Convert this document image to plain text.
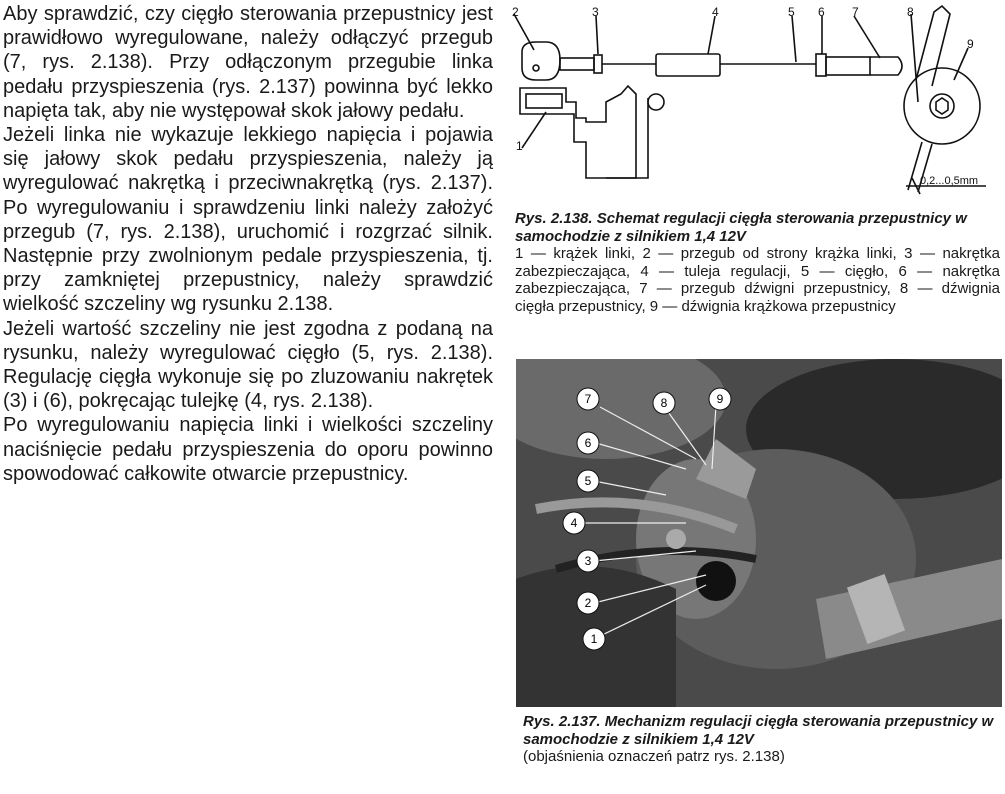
Aby sprawdzić, czy cięgło sterowania przepustnicy jest prawidłowo wyregulowane, należy odłączyć przegub (7, rys. 2.138). Przy odłączonym przegubie linka pedału przyspieszenia (rys. 2.137) powinna być lekko napięta tak, aby nie występował skok jałowy pedału.

Jeżeli linka nie wykazuje lekkiego napięcia i pojawia się jałowy skok pedału przyspieszenia, należy ją wyregulować nakrętką i przeciwnakrętką (rys. 2.137). Po wyregulowaniu i sprawdzeniu linki należy założyć przegub (7, rys. 2.138), uruchomić i rozgrzać silnik. Następnie przy zwolnionym pedale przyspieszenia, tj. przy zamkniętej przepustnicy, należy sprawdzić wielkość szczeliny wg rysunku 2.138.

Jeżeli wartość szczeliny nie jest zgodna z podaną na rysunku, należy wyregulować cięgło (5, rys. 2.138). Regulację cięgła wykonuje się po zluzowaniu nakrętek (3) i (6), pokręcając tulejkę (4, rys. 2.138).

Po wyregulowaniu napięcia linki i wielkości szczeliny naciśnięcie pedału przyspieszenia do oporu powinno spowodować całkowite otwarcie przepustnicy.

2	3	4	5 6 7	8
9
1
0,2...0,5mm
Rys. 2.138. Schemat regulacji cięgła sterowania przepustnicy w samochodzie z silnikiem 1,4 12V
1 — krążek linki, 2 — przegub od strony krążka linki, 3 — nakrętka zabezpieczająca, 4 — tuleja regulacji, 5 — cięgło, 6 — nakrętka zabezpieczająca, 7 — przegub dźwigni przepustnicy, 8 — dźwignia cięgła przepustnicy, 9 — dźwignia krążkowa przepustnicy
7	8	9
6
5
4
3
2
1
Rys. 2.137. Mechanizm regulacji cięgła sterowania przepustnicy w samochodzie z silnikiem 1,4 12V
(objaśnienia oznaczeń patrz rys. 2.138)
